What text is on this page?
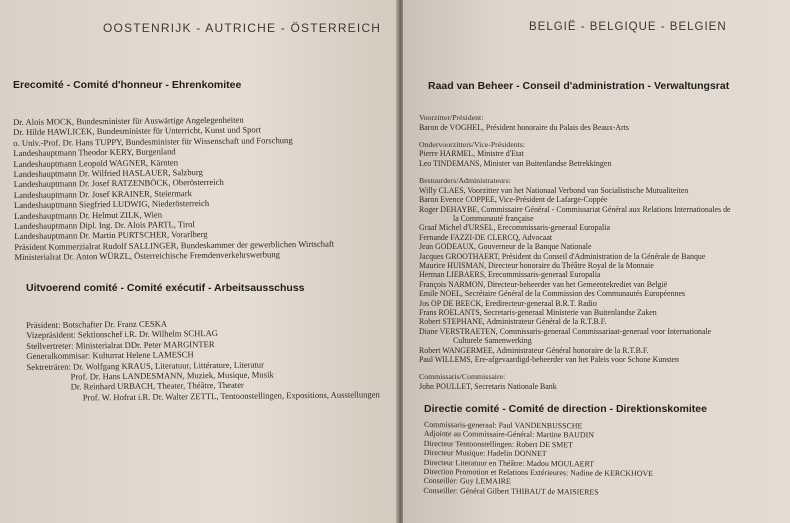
OOSTENRIJK - AUTRICHE - ÖSTERREICH
Erecomité - Comité d'honneur - Ehrenkomitee
Dr. Alois MOCK, Bundesminister für Auswärtige Angelegenheiten
Dr. Hilde HAWLICEK, Bundesminister für Unterricht, Kunst und Sport
o. Univ.-Prof. Dr. Hans TUPPY, Bundesminister für Wissenschaft und Forschung
Landeshauptmann Theodor KERY, Burgenland
Landeshauptmann Leopold WAGNER, Kärnten
Landeshauptmann Dr. Wilfried HASLAUER, Salzburg
Landeshauptmann Dr. Josef RATZENBÖCK, Oberösterreich
Landeshauptmann Dr. Josef KRAINER, Steiermark
Landeshauptmann Siegfried LUDWIG, Niederösterreich
Landeshauptmann Dr. Helmut ZILK, Wien
Landeshauptmann Dipl. Ing. Dr. Alois PARTL, Tirol
Landeshauptmann Dr. Martin PURTSCHER, Vorarlberg
Präsident Kommerzialrat Rudolf SALLINGER, Bundeskammer der gewerblichen Wirtschaft
Ministerialrat Dr. Anton WÜRZL, Österreichische Fremdenverkehrswerbung
Uitvoerend comité - Comité exécutif - Arbeitsausschuss
Präsident: Botschafter Dr. Franz CESKA
Vizepräsident: Sektionschef i.R. Dr. Wilhelm SCHLAG
Stellvertreter: Ministerialrat DDr. Peter MARGINTER
Generalkommisar: Kulturrat Helene LAMESCH
Sektreträren: Dr. Wolfgang KRAUS, Literatuur, Littérature, Literatur
Prof. Dr. Hans LANDESMANN, Muziek, Musique, Musik
Dr. Reinhard URBACH, Theater, Théâtre, Theater
Prof. W. Hofrat i.R. Dr. Walter ZETTL, Tentoonstellingen, Expositions, Ausstellungen
BELGIË - BELGIQUE - BELGIEN
Raad van Beheer - Conseil d'administration - Verwaltungsrat
Voorzitter/Président:
Baron de VOGHEL, Président honoraire du Palais des Beaux-Arts
Ondervoorzitters/Vice-Présidents:
Pierre HARMEL, Ministre d'Etat
Leo TINDEMANS, Minister van Buitenlandse Betrekkingen
Bestuurders/Administrateurs:
Willy CLAES, Voorzitter van het Nationaal Verbond van Socialistische Mutualiteiten
Baron Evence COPPEE, Vice-Président de Lafarge-Coppée
Roger DEHAYBE, Commissaire Général - Commissariat Général aux Relations Internationales de
la Communauté française
Graaf Michel d'URSEL, Erecommissaris-generaal Europalia
Fernande FAZZI-DE CLERCQ, Advocaat
Jean GODEAUX, Gouverneur de la Banque Nationale
Jacques GROOTHAERT, Président du Conseil d'Administration de la Générale de Banque
Maurice HUISMAN, Directeur honoraire du Théâtre Royal de la Monnaie
Herman LIEBAERS, Erecommissaris-generaal Europalia
François NARMON, Directeur-beheerder van het Gemeentekrediet van België
Emile NOEL, Secrétaire Général de la Commission des Communautés Européennes
Jos OP DE BEECK, Eredirecteur-generaal B.R.T. Radio
Frans ROELANTS, Secretaris-generaal Ministerie van Buitenlandse Zaken
Robert STEPHANE, Administrateur Général de la R.T.B.F.
Diane VERSTRAETEN, Commissaris-generaal Commissariaat-generaal voor Internationale
Culturele Samenwerking
Robert WANGERMEE, Administrateur Général honoraire de la R.T.B.F.
Paul WILLEMS, Ere-afgevaardigd-beheerder van het Paleis voor Schone Kunsten
Commissaris/Commissaire:
John POULLET, Secretaris Nationale Bank
Directie comité - Comité de direction - Direktionskomitee
Commissaris-generaal: Paul VANDENBUSSCHE
Adjointe au Commissaire-Général: Martine BAUDIN
Directeur Tentoonstellingen: Robert DE SMET
Directeur Musique: Hadelin DONNET
Directeur Literatuur en Théâtre: Madou MOULAERT
Direction Promotion et Relations Extérieures: Nadine de KERCKHOVE
Conseiller: Guy LEMAIRE
Conseiller: Général Gilbert THIBAUT de MAISIERES
